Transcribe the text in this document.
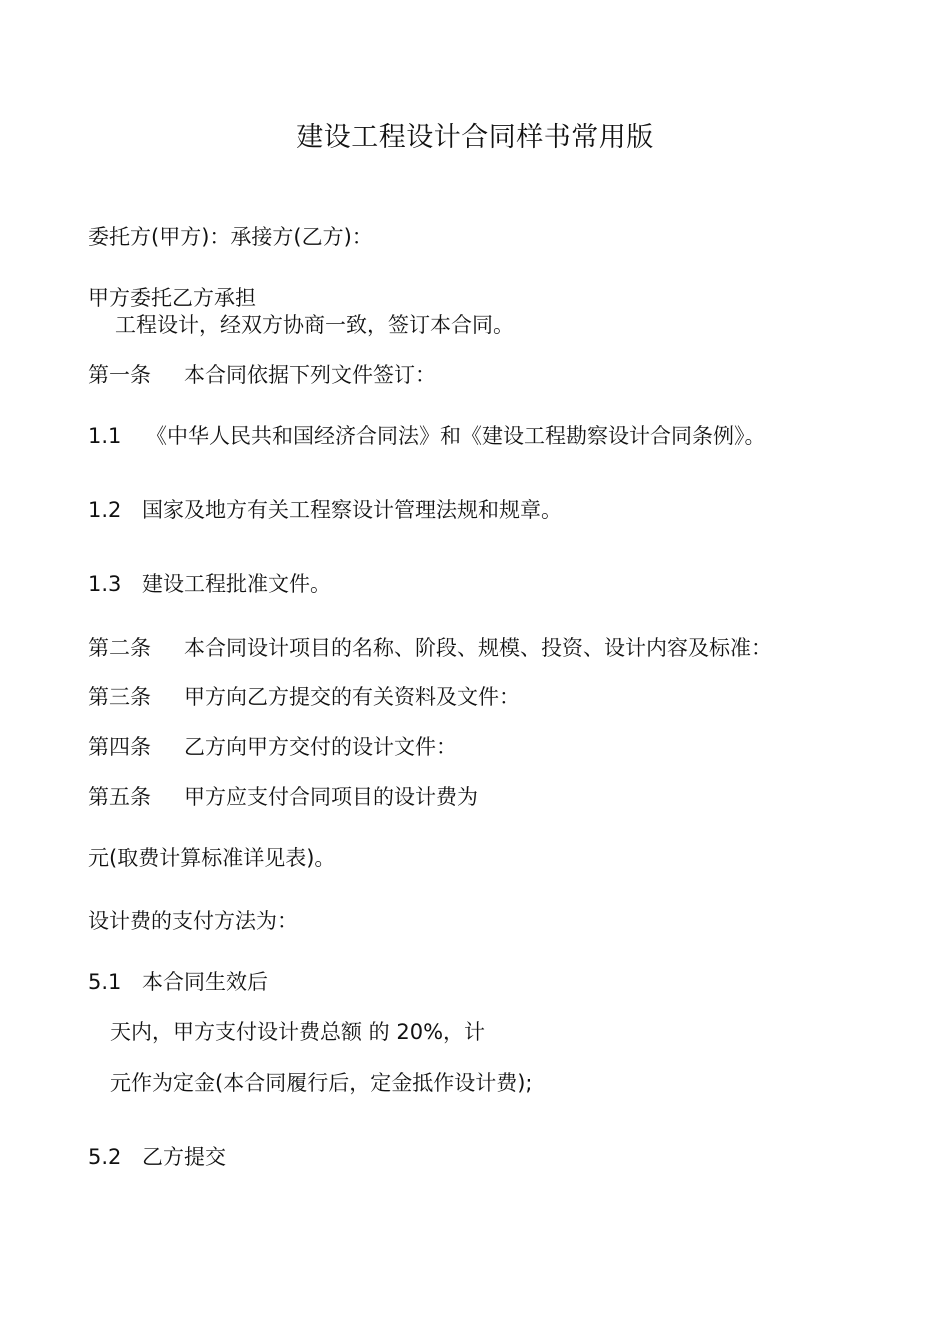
建设工程设计合同样书常用版
委托方(甲方)：承接方(乙方)：
甲方委托乙方承担
工程设计，经双方协商一致，签订本合同。
第一条 本合同依据下列文件签订：
1.1 《中华人民共和国经济合同法》和《建设工程勘察设计合同条例》。
1.2 国家及地方有关工程察设计管理法规和规章。
1.3 建设工程批准文件。
第二条 本合同设计项目的名称、阶段、规模、投资、设计内容及标准：
第三条 甲方向乙方提交的有关资料及文件：
第四条 乙方向甲方交付的设计文件：
第五条 甲方应支付合同项目的设计费为
元(取费计算标准详见表)。
设计费的支付方法为：
5.1 本合同生效后
天内，甲方支付设计费总额 的 20%，计
元作为定金(本合同履行后，定金抵作设计费);
5.2 乙方提交
